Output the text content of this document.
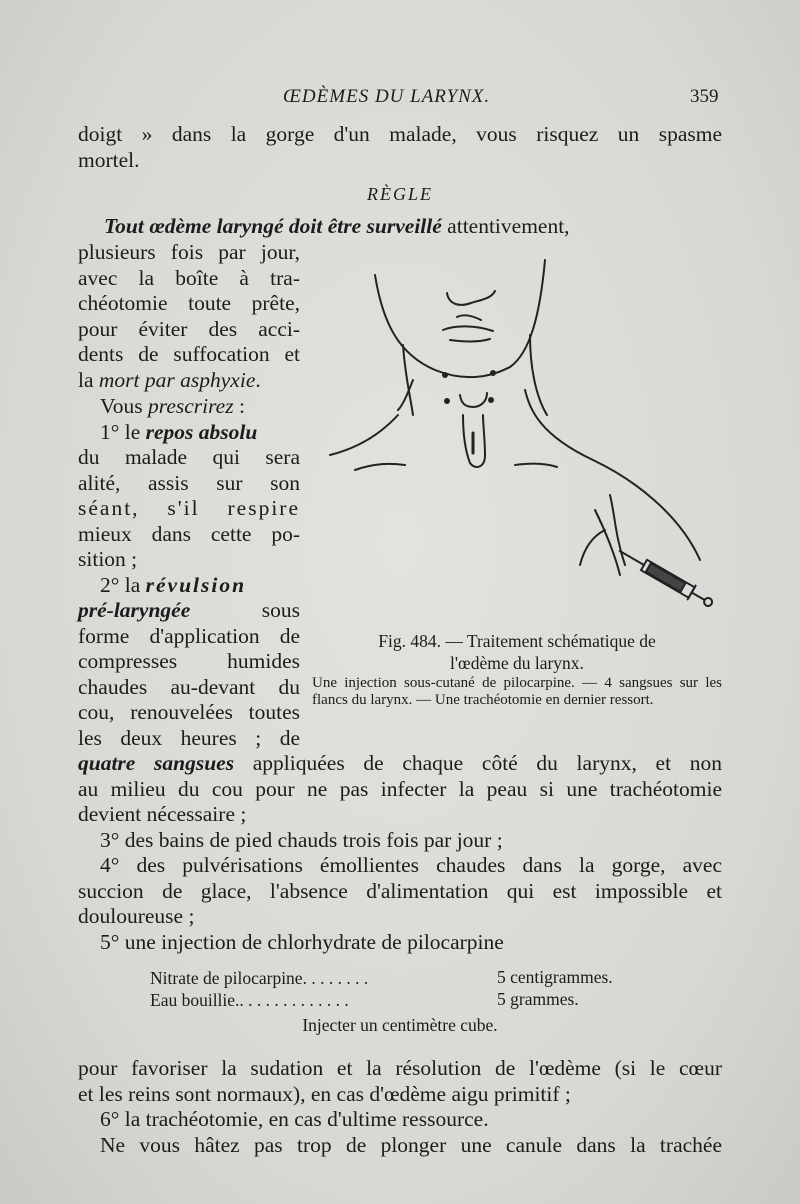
ŒDÈMES DU LARYNX.	359
doigt » dans la gorge d'un malade, vous risquez un spasme
mortel.
RÈGLE
Tout œdème laryngé doit être surveillé attentivement,
plusieurs fois par jour,
avec la boîte à tra-
chéotomie toute prête,
pour éviter des acci-
dents de suffocation et
la mort par asphyxie.
Vous prescrirez :
1° le repos absolu
du malade qui sera
alité, assis sur son
séant, s'il respire
mieux dans cette po-
sition ;
2° la révulsion
pré-laryngée	sous
forme d'application de
compresses humides
chaudes au-devant du
cou, renouvelées toutes
les deux heures ; de
quatre sangsues appliquées de chaque côté du larynx, et non
au milieu du cou pour ne pas infecter la peau si une trachéotomie
devient nécessaire ;
Fig. 484. — Traitement schématique de
l'œdème du larynx.
Une injection sous-cutané de pilocarpine. — 4 sangsues sur les flancs du larynx. — Une trachéotomie en dernier ressort.
3° des bains de pied chauds trois fois par jour ;
4° des pulvérisations émollientes chaudes dans la gorge, avec
succion de glace, l'absence d'alimentation qui est impossible et
douloureuse ;
5° une injection de chlorhydrate de pilocarpine
Nitrate de pilocarpine. . . . . . . .	5 centigrammes.
Eau bouillie.. . . . . . . . . . . . .	5 grammes.
Injecter un centimètre cube.
pour favoriser la sudation et la résolution de l'œdème (si le cœur
et les reins sont normaux), en cas d'œdème aigu primitif ;
6° la trachéotomie, en cas d'ultime ressource.
Ne vous hâtez pas trop de plonger une canule dans la trachée
